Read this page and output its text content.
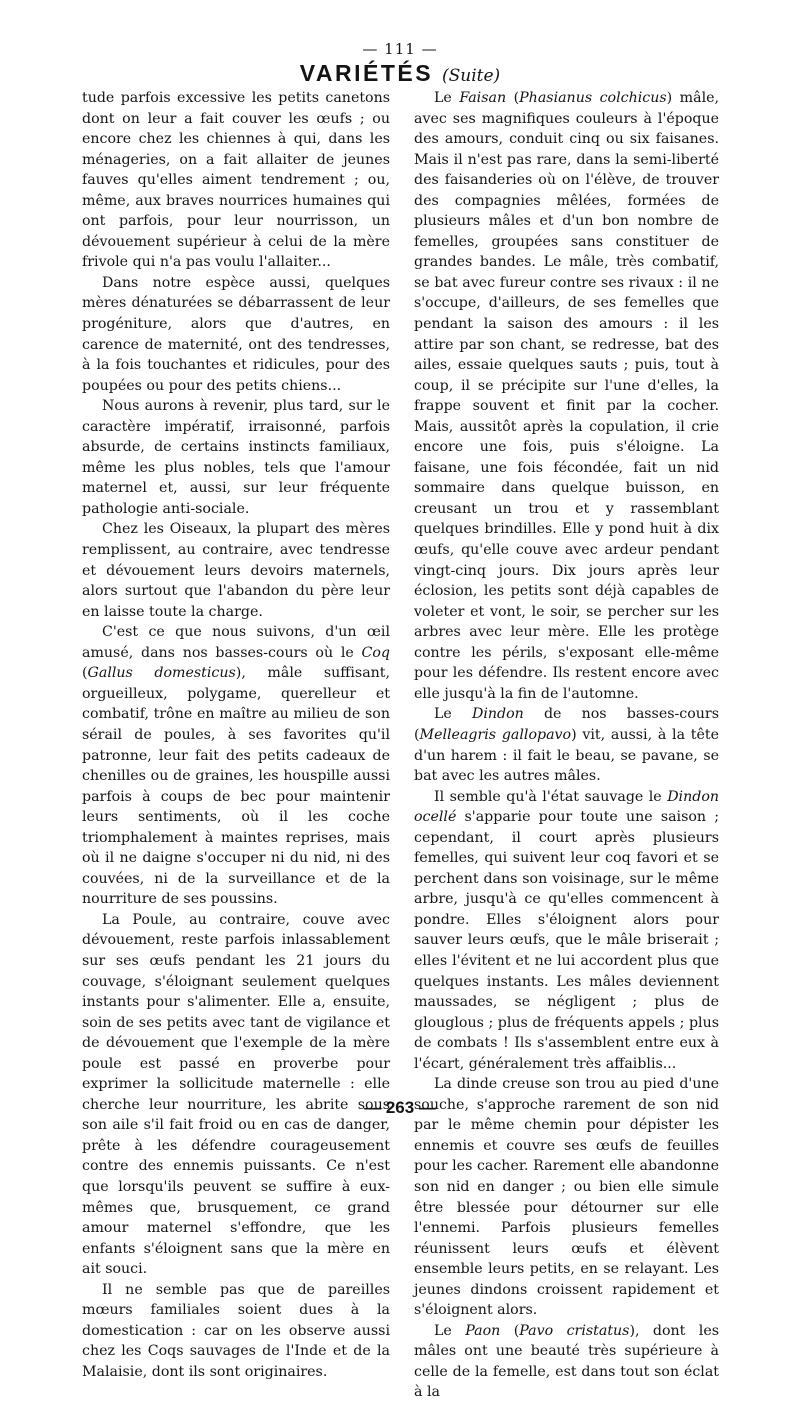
— 111 —
VARIÉTÉS (Suite)

tude parfois excessive les petits canetons dont on leur a fait couver les œufs ; ou encore chez les chiennes à qui, dans les ménageries, on a fait allaiter de jeunes fauves qu'elles aiment tendrement ; ou, même, aux braves nourrices humaines qui ont parfois, pour leur nourrisson, un dévouement supérieur à celui de la mère frivole qui n'a pas voulu l'allaiter...

Dans notre espèce aussi, quelques mères dénaturées se débarrassent de leur progéniture, alors que d'autres, en carence de maternité, ont des tendresses, à la fois touchantes et ridicules, pour des poupées ou pour des petits chiens...

Nous aurons à revenir, plus tard, sur le caractère impératif, irraisonné, parfois absurde, de certains instincts familiaux, même les plus nobles, tels que l'amour maternel et, aussi, sur leur fréquente pathologie anti-sociale.

Chez les Oiseaux, la plupart des mères remplissent, au contraire, avec tendresse et dévouement leurs devoirs maternels, alors surtout que l'abandon du père leur en laisse toute la charge.

C'est ce que nous suivons, d'un œil amusé, dans nos basses-cours où le Coq (Gallus domesticus), mâle suffisant, orgueilleux, polygame, querelleur et combatif, trône en maître au milieu de son sérail de poules, à ses favorites qu'il patronne, leur fait des petits cadeaux de chenilles ou de graines, les houspille aussi parfois à coups de bec pour maintenir leurs sentiments, où il les coche triomphalement à maintes reprises, mais où il ne daigne s'occuper ni du nid, ni des couvées, ni de la surveillance et de la nourriture de ses poussins.

La Poule, au contraire, couve avec dévouement, reste parfois inlassablement sur ses œufs pendant les 21 jours du couvage, s'éloignant seulement quelques instants pour s'alimenter. Elle a, ensuite, soin de ses petits avec tant de vigilance et de dévouement que l'exemple de la mère poule est passé en proverbe pour exprimer la sollicitude maternelle : elle cherche leur nourriture, les abrite sous son aile s'il fait froid ou en cas de danger, prête à les défendre courageusement contre des ennemis puissants. Ce n'est que lorsqu'ils peuvent se suffire à eux-mêmes que, brusquement, ce grand amour maternel s'effondre, que les enfants s'éloignent sans que la mère en ait souci.

Il ne semble pas que de pareilles mœurs familiales soient dues à la domestication : car on les observe aussi chez les Coqs sauvages de l'Inde et de la Malaisie, dont ils sont originaires.

Le Faisan (Phasianus colchicus) mâle, avec ses magnifiques couleurs à l'époque des amours, conduit cinq ou six faisanes. Mais il n'est pas rare, dans la semi-liberté des faisanderies où on l'élève, de trouver des compagnies mêlées, formées de plusieurs mâles et d'un bon nombre de femelles, groupées sans constituer de grandes bandes. Le mâle, très combatif, se bat avec fureur contre ses rivaux : il ne s'occupe, d'ailleurs, de ses femelles que pendant la saison des amours : il les attire par son chant, se redresse, bat des ailes, essaie quelques sauts ; puis, tout à coup, il se précipite sur l'une d'elles, la frappe souvent et finit par la cocher. Mais, aussitôt après la copulation, il crie encore une fois, puis s'éloigne. La faisane, une fois fécondée, fait un nid sommaire dans quelque buisson, en creusant un trou et y rassemblant quelques brindilles. Elle y pond huit à dix œufs, qu'elle couve avec ardeur pendant vingt-cinq jours. Dix jours après leur éclosion, les petits sont déjà capables de voleter et vont, le soir, se percher sur les arbres avec leur mère. Elle les protège contre les périls, s'exposant elle-même pour les défendre. Ils restent encore avec elle jusqu'à la fin de l'automne.

Le Dindon de nos basses-cours (Melleagris gallopavo) vit, aussi, à la tête d'un harem : il fait le beau, se pavane, se bat avec les autres mâles.

Il semble qu'à l'état sauvage le Dindon ocellé s'apparie pour toute une saison ; cependant, il court après plusieurs femelles, qui suivent leur coq favori et se perchent dans son voisinage, sur le même arbre, jusqu'à ce qu'elles commencent à pondre. Elles s'éloignent alors pour sauver leurs œufs, que le mâle briserait ; elles l'évitent et ne lui accordent plus que quelques instants. Les mâles deviennent maussades, se négligent ; plus de glouglous ; plus de fréquents appels ; plus de combats ! Ils s'assemblent entre eux à l'écart, généralement très affaiblis...

La dinde creuse son trou au pied d'une souche, s'approche rarement de son nid par le même chemin pour dépister les ennemis et couvre ses œufs de feuilles pour les cacher. Rarement elle abandonne son nid en danger ; ou bien elle simule être blessée pour détourner sur elle l'ennemi. Parfois plusieurs femelles réunissent leurs œufs et élèvent ensemble leurs petits, en se relayant. Les jeunes dindons croissent rapidement et s'éloignent alors.

Le Paon (Pavo cristatus), dont les mâles ont une beauté très supérieure à celle de la femelle, est dans tout son éclat à la

— 263 —
